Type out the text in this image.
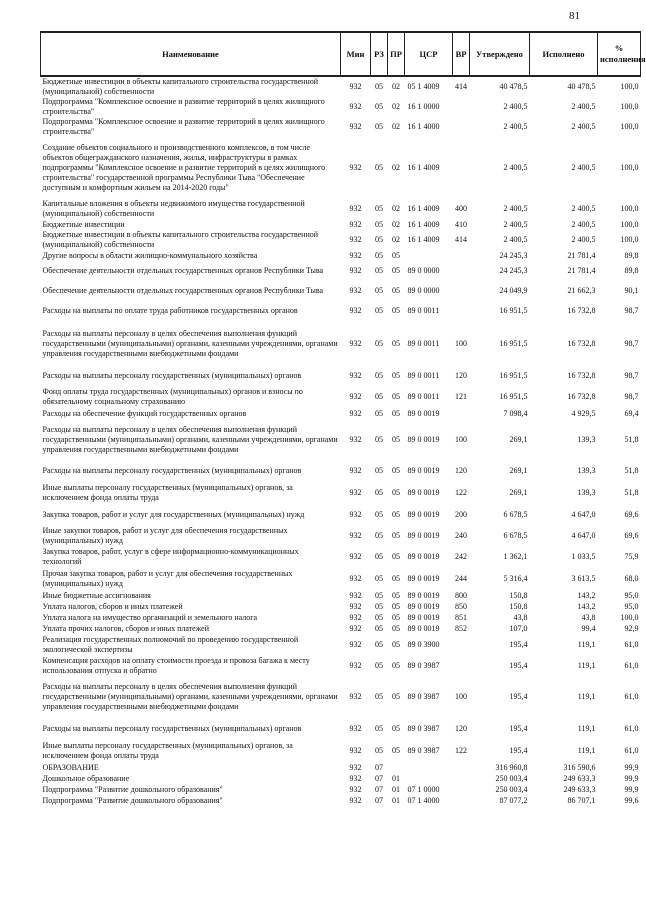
81
Наименование	Мин	РЗ	ПР	ЦСР	ВР	Утверждено	Исполнено	% исполнения
Бюджетные инвестиции в объекты капитального строительства государственной (муниципальной) собственности	932	05	02	05 1 4009	414	40 478,5	40 478,5	100,0
Подпрограмма "Комплексное освоение и развитие территорий в целях жилищного строительства"	932	05	02	16 1 0000		2 400,5	2 400,5	100,0
Подпрограмма "Комплексное освоение и развитие территорий в целях жилищного строительства"	932	05	02	16 1 4000		2 400,5	2 400,5	100,0
Создание объектов социального и производственного комплексов, в том числе объектов общегражданского назначения, жилья, инфраструктуры в рамках подпрограммы "Комплексное освоение и развитие территорий в целях жилищного строительства" государственной программы Республики Тыва "Обеспечение доступным и комфортным жильем на 2014-2020 годы"	932	05	02	16 1 4009		2 400,5	2 400,5	100,0
Капитальные вложения в объекты недвижимого имущества государственной (муниципальной) собственности	932	05	02	16 1 4009	400	2 400,5	2 400,5	100,0
Бюджетные инвестиции	932	05	02	16 1 4009	410	2 400,5	2 400,5	100,0
Бюджетные инвестиции в объекты капитального строительства государственной (муниципальной) собственности	932	05	02	16 1 4009	414	2 400,5	2 400,5	100,0
Другие вопросы в области жилищно-коммунального хозяйства	932	05	05			24 245,3	21 781,4	89,8
Обеспечение деятельности отдельных государственных органов Республики Тыва	932	05	05	89 0 0000		24 245,3	21 781,4	89,8
Обеспечение деятельности отдельных государственных органов Республики Тыва	932	05	05	89 0 0000		24 049,9	21 662,3	90,1
Расходы на выплаты по оплате труда работников государственных органов	932	05	05	89 0 0011		16 951,5	16 732,8	98,7
Расходы на выплаты персоналу в целях обеспечения выполнения функций государственными (муниципальными) органами, казенными учреждениями, органами управления государственными внебюджетными фондами	932	05	05	89 0 0011	100	16 951,5	16 732,8	98,7
Расходы на выплаты персоналу государственных (муниципальных) органов	932	05	05	89 0 0011	120	16 951,5	16 732,8	98,7
Фонд оплаты труда государственных (муниципальных) органов и взносы по обязательному социальному страхованию	932	05	05	89 0 0011	121	16 951,5	16 732,8	98,7
Расходы на обеспечение функций государственных органов	932	05	05	89 0 0019		7 098,4	4 929,5	69,4
Расходы на выплаты персоналу в целях обеспечения выполнения функций государственными (муниципальными) органами, казенными учреждениями, органами управления государственными внебюджетными фондами	932	05	05	89 0 0019	100	269,1	139,3	51,8
Расходы на выплаты персоналу государственных (муниципальных) органов	932	05	05	89 0 0019	120	269,1	139,3	51,8
Иные выплаты персоналу государственных (муниципальных) органов, за исключением фонда оплаты труда	932	05	05	89 0 0019	122	269,1	139,3	51,8
Закупка товаров, работ и услуг для государственных (муниципальных) нужд	932	05	05	89 0 0019	200	6 678,5	4 647,0	69,6
Иные закупки товаров, работ и услуг для обеспечения государственных (муниципальных) нужд	932	05	05	89 0 0019	240	6 678,5	4 647,0	69,6
Закупка товаров, работ, услуг в сфере информационно-коммуникационных технологий	932	05	05	89 0 0019	242	1 362,1	1 033,5	75,9
Прочая закупка товаров, работ и услуг для обеспечения государственных (муниципальных) нужд	932	05	05	89 0 0019	244	5 316,4	3 613,5	68,0
Иные бюджетные ассигнования	932	05	05	89 0 0019	800	150,8	143,2	95,0
Уплата налогов, сборов и иных платежей	932	05	05	89 0 0019	850	150,8	143,2	95,0
Уплата налога на имущество организаций и земельного налога	932	05	05	89 0 0019	851	43,8	43,8	100,0
Уплата прочих налогов, сборов и иных платежей	932	05	05	89 0 0019	852	107,0	99,4	92,9
Реализация государственных полномочий по проведению государственной экологической экспертизы	932	05	05	89 0 3900		195,4	119,1	61,0
Компенсация расходов на оплату стоимости проезда и провоза багажа к месту использования отпуска и обратно	932	05	05	89 0 3987		195,4	119,1	61,0
Расходы на выплаты персоналу в целях обеспечения выполнения функций государственными (муниципальными) органами, казенными учреждениями, органами управления государственными внебюджетными фондами	932	05	05	89 0 3987	100	195,4	119,1	61,0
Расходы на выплаты персоналу государственных (муниципальных) органов	932	05	05	89 0 3987	120	195,4	119,1	61,0
Иные выплаты персоналу государственных (муниципальных) органов, за исключением фонда оплаты труда	932	05	05	89 0 3987	122	195,4	119,1	61,0
ОБРАЗОВАНИЕ	932	07				316 960,8	316 590,6	99,9
Дошкольное образование	932	07	01			250 003,4	249 633,3	99,9
Подпрограмма "Развитие дошкольного образования"	932	07	01	07 1 0000		250 003,4	249 633,3	99,9
Подпрограмма "Развитие дошкольного образования"	932	07	01	07 1 4000		87 077,2	86 707,1	99,6
